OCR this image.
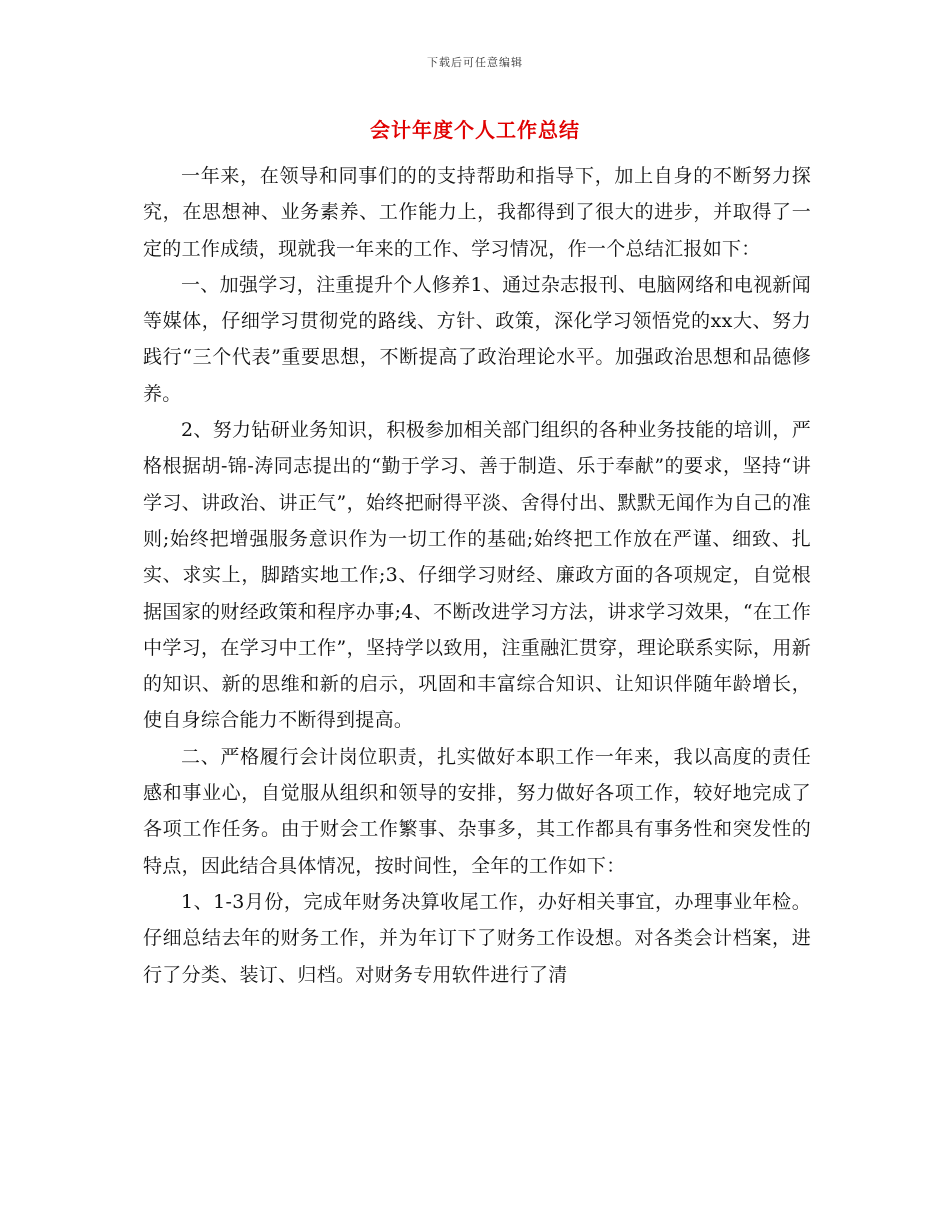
下载后可任意编辑
会计年度个人工作总结

一年来，在领导和同事们的的支持帮助和指导下，加上自身的不断努力探究，在思想神、业务素养、工作能力上，我都得到了很大的进步，并取得了一定的工作成绩，现就我一年来的工作、学习情况，作一个总结汇报如下：

一、加强学习，注重提升个人修养1、通过杂志报刊、电脑网络和电视新闻等媒体，仔细学习贯彻党的路线、方针、政策，深化学习领悟党的xx大、努力践行“三个代表”重要思想，不断提高了政治理论水平。加强政治思想和品德修养。

2、努力钻研业务知识，积极参加相关部门组织的各种业务技能的培训，严格根据胡-锦-涛同志提出的“勤于学习、善于制造、乐于奉献”的要求，坚持“讲学习、讲政治、讲正气”，始终把耐得平淡、舍得付出、默默无闻作为自己的准则;始终把增强服务意识作为一切工作的基础;始终把工作放在严谨、细致、扎实、求实上，脚踏实地工作;3、仔细学习财经、廉政方面的各项规定，自觉根据国家的财经政策和程序办事;4、不断改进学习方法，讲求学习效果，“在工作中学习，在学习中工作”，坚持学以致用，注重融汇贯穿，理论联系实际，用新的知识、新的思维和新的启示，巩固和丰富综合知识、让知识伴随年龄增长，使自身综合能力不断得到提高。

二、严格履行会计岗位职责，扎实做好本职工作一年来，我以高度的责任感和事业心，自觉服从组织和领导的安排，努力做好各项工作，较好地完成了各项工作任务。由于财会工作繁事、杂事多，其工作都具有事务性和突发性的特点，因此结合具体情况，按时间性，全年的工作如下：

1、1-3月份，完成年财务决算收尾工作，办好相关事宜，办理事业年检。仔细总结去年的财务工作，并为年订下了财务工作设想。对各类会计档案，进行了分类、装订、归档。对财务专用软件进行了清
